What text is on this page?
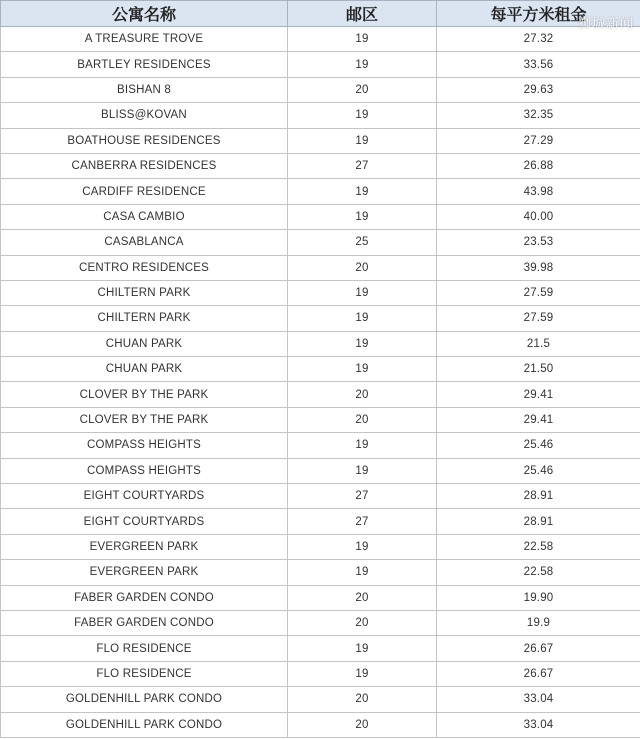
公寓名称	邮区	每平方米租金
A TREASURE TROVE	19	27.32
BARTLEY RESIDENCES	19	33.56
BISHAN 8	20	29.63
BLISS@KOVAN	19	32.35
BOATHOUSE RESIDENCES	19	27.29
CANBERRA RESIDENCES	27	26.88
CARDIFF RESIDENCE	19	43.98
CASA CAMBIO	19	40.00
CASABLANCA	25	23.53
CENTRO RESIDENCES	20	39.98
CHILTERN PARK	19	27.59
CHILTERN PARK	19	27.59
CHUAN PARK	19	21.5
CHUAN PARK	19	21.50
CLOVER BY THE PARK	20	29.41
CLOVER BY THE PARK	20	29.41
COMPASS HEIGHTS	19	25.46
COMPASS HEIGHTS	19	25.46
EIGHT COURTYARDS	27	28.91
EIGHT COURTYARDS	27	28.91
EVERGREEN PARK	19	22.58
EVERGREEN PARK	19	22.58
FABER GARDEN CONDO	20	19.90
FABER GARDEN CONDO	20	19.9
FLO RESIDENCE	19	26.67
FLO RESIDENCE	19	26.67
GOLDENHILL PARK CONDO	20	33.04
GOLDENHILL PARK CONDO	20	33.04
狮城新闻
